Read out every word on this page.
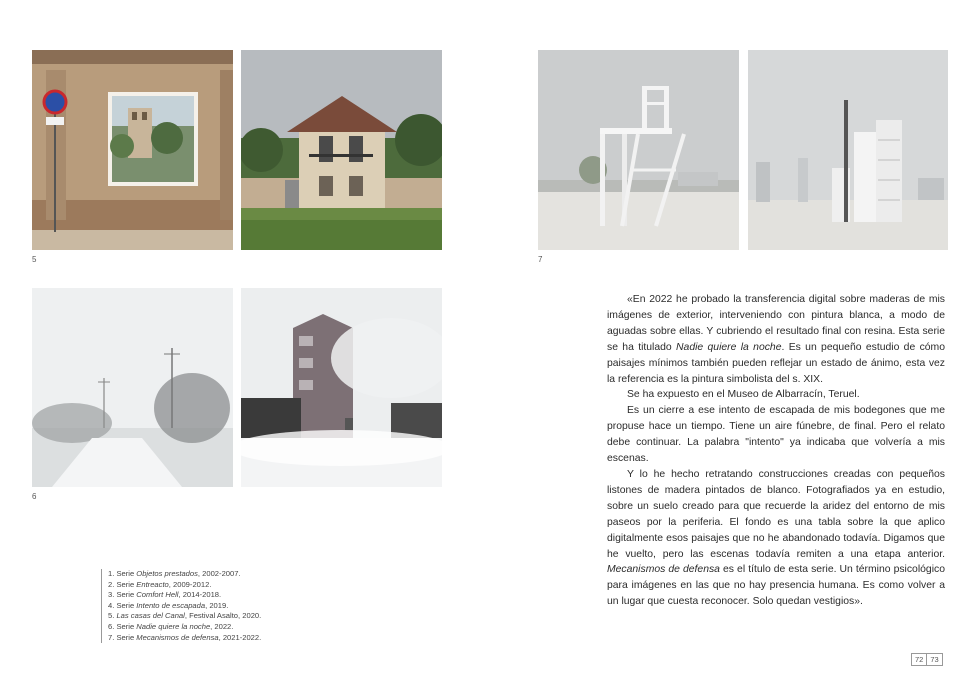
5
6
7

«En 2022 he probado la transferencia digital sobre maderas de mis imágenes de exterior, interveniendo con pintura blanca, a modo de aguadas sobre ellas. Y cubriendo el resultado final con resina. Esta serie se ha titulado Nadie quiere la noche. Es un pequeño estudio de cómo paisajes mínimos también pueden reflejar un estado de ánimo, esta vez la referencia es la pintura simbolista del s. XIX.

Se ha expuesto en el Museo de Albarracín, Teruel.

Es un cierre a ese intento de escapada de mis bodegones que me propuse hace un tiempo. Tiene un aire fúnebre, de final. Pero el relato debe continuar. La palabra "intento" ya indicaba que volvería a mis escenas.

Y lo he hecho retratando construcciones creadas con pequeños listones de madera pintados de blanco. Fotografiados ya en estudio, sobre un suelo creado para que recuerde la aridez del entorno de mis paseos por la periferia. El fondo es una tabla sobre la que aplico digitalmente esos paisajes que no he abandonado todavía. Digamos que he vuelto, pero las escenas todavía remiten a una etapa anterior. Mecanismos de defensa es el título de esta serie. Un término psicológico para imágenes en las que no hay presencia humana. Es como volver a un lugar que cuesta reconocer. Solo quedan vestigios».

1. Serie Objetos prestados, 2002-2007.
2. Serie Entreacto, 2009-2012.
3. Serie Comfort Hell, 2014-2018.
4. Serie Intento de escapada, 2019.
5. Las casas del Canal, Festival Asalto, 2020.
6. Serie Nadie quiere la noche, 2022.
7. Serie Mecanismos de defensa, 2021-2022.
72 73
